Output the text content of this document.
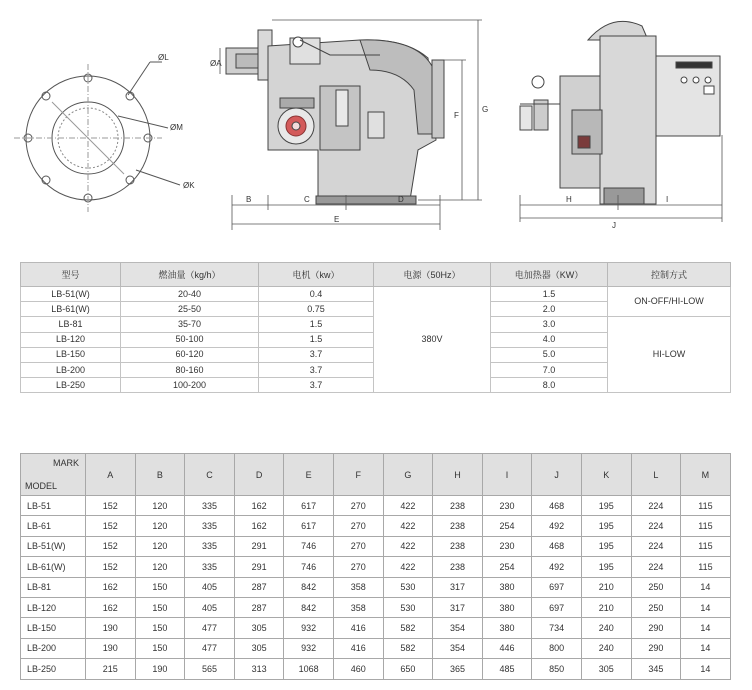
ØL
ØM
ØK
ØA
B	C	D
E
F
G
H	I
J
型号	燃油量（kg/h）	电机（kw）	电源（50Hz）	电加热器（KW）	控制方式
LB-51(W)	20-40	0.4	380V	1.5	ON-OFF/HI-LOW
LB-61(W)	25-50	0.75		2.0	
LB-81	35-70	1.5		3.0	HI-LOW
LB-120	50-100	1.5		4.0	
LB-150	60-120	3.7		5.0	
LB-200	80-160	3.7		7.0	
LB-250	100-200	3.7		8.0	
MARK
MODEL	A	B	C	D	E	F	G	H	I	J	K	L	M
LB-51	152	120	335	162	617	270	422	238	230	468	195	224	115
LB-61	152	120	335	162	617	270	422	238	254	492	195	224	115
LB-51(W)	152	120	335	291	746	270	422	238	230	468	195	224	115
LB-61(W)	152	120	335	291	746	270	422	238	254	492	195	224	115
LB-81	162	150	405	287	842	358	530	317	380	697	210	250	14
LB-120	162	150	405	287	842	358	530	317	380	697	210	250	14
LB-150	190	150	477	305	932	416	582	354	380	734	240	290	14
LB-200	190	150	477	305	932	416	582	354	446	800	240	290	14
LB-250	215	190	565	313	1068	460	650	365	485	850	305	345	14
